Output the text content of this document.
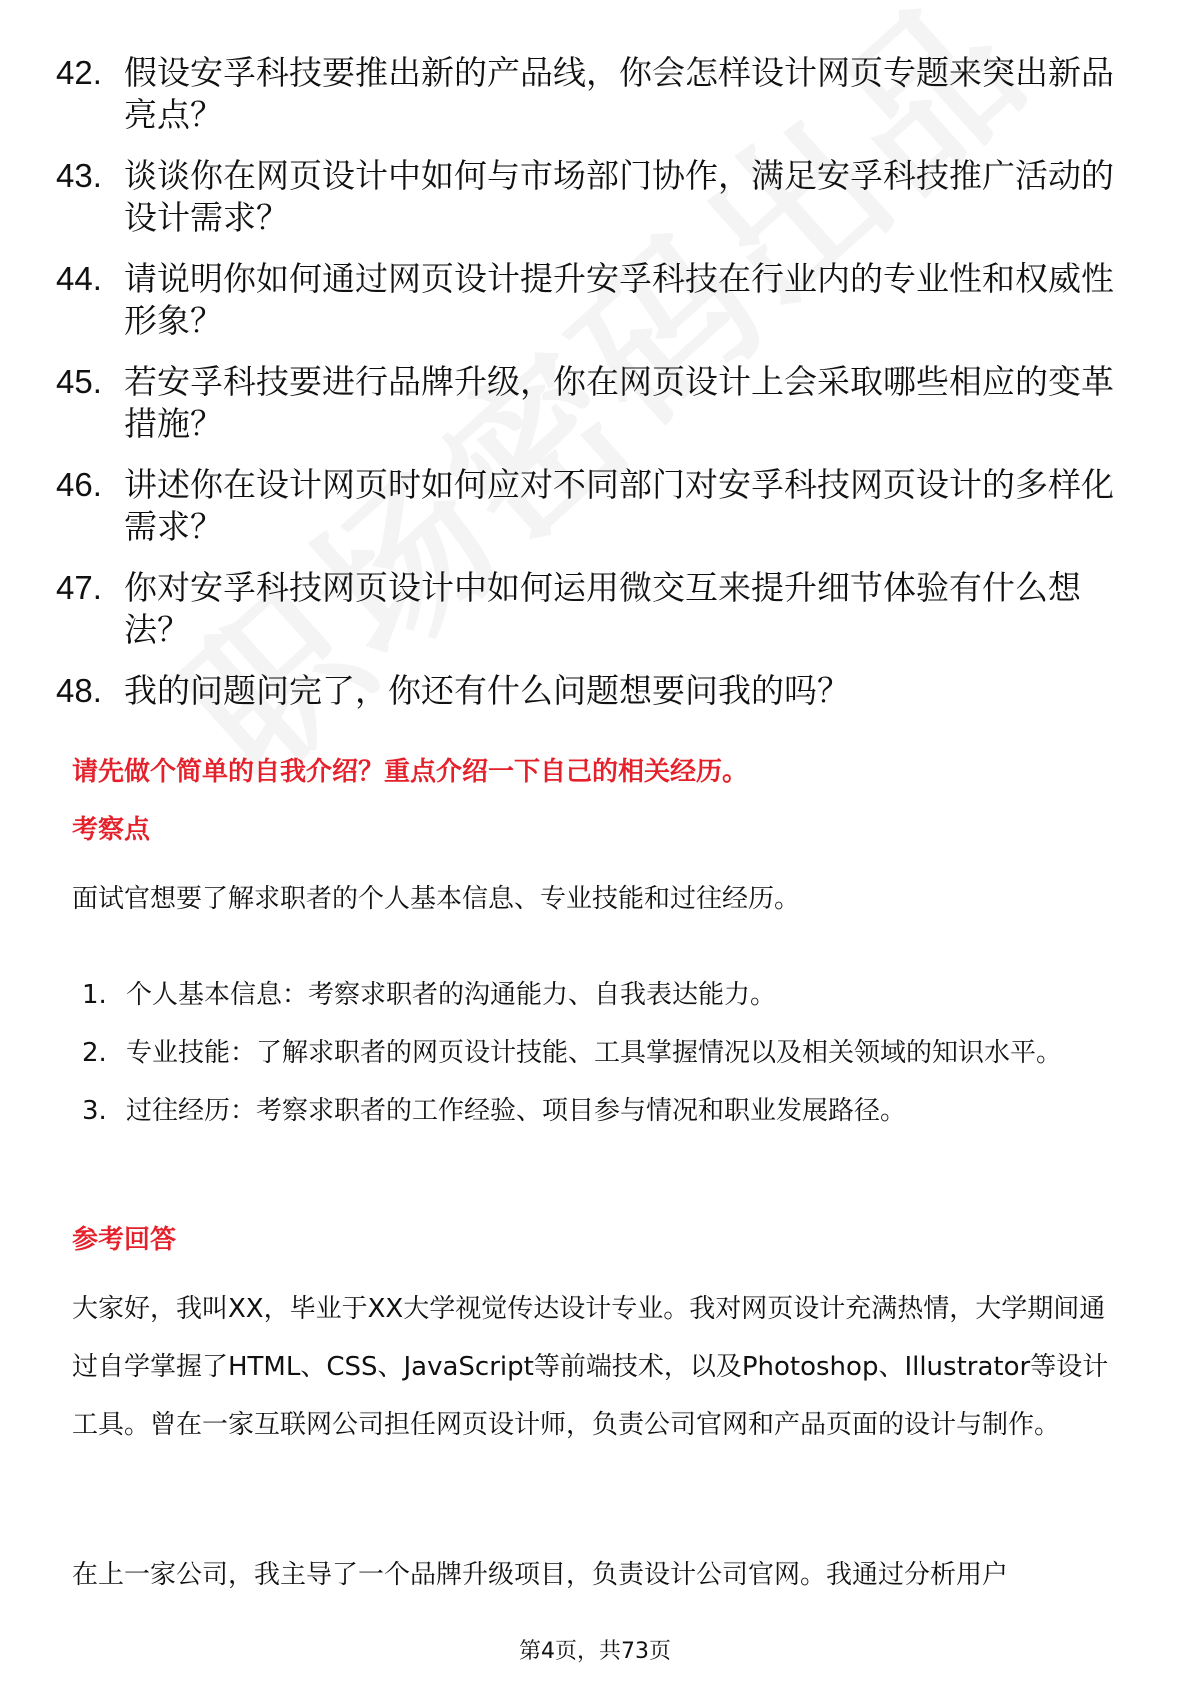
42. 假设安孚科技要推出新的产品线，你会怎样设计网页专题来突出新品亮点？
43. 谈谈你在网页设计中如何与市场部门协作，满足安孚科技推广活动的设计需求？
44. 请说明你如何通过网页设计提升安孚科技在行业内的专业性和权威性形象？
45. 若安孚科技要进行品牌升级，你在网页设计上会采取哪些相应的变革措施？
46. 讲述你在设计网页时如何应对不同部门对安孚科技网页设计的多样化需求？
47. 你对安孚科技网页设计中如何运用微交互来提升细节体验有什么想法？
48. 我的问题问完了，你还有什么问题想要问我的吗？
请先做个简单的自我介绍？重点介绍一下自己的相关经历。
考察点
面试官想要了解求职者的个人基本信息、专业技能和过往经历。
1. 个人基本信息：考察求职者的沟通能力、自我表达能力。
2. 专业技能：了解求职者的网页设计技能、工具掌握情况以及相关领域的知识水平。
3. 过往经历：考察求职者的工作经验、项目参与情况和职业发展路径。
参考回答
大家好，我叫XX，毕业于XX大学视觉传达设计专业。我对网页设计充满热情，大学期间通过自学掌握了HTML、CSS、JavaScript等前端技术，以及Photoshop、Illustrator等设计工具。曾在一家互联网公司担任网页设计师，负责公司官网和产品页面的设计与制作。
在上一家公司，我主导了一个品牌升级项目，负责设计公司官网。我通过分析用户
第4页，共73页
